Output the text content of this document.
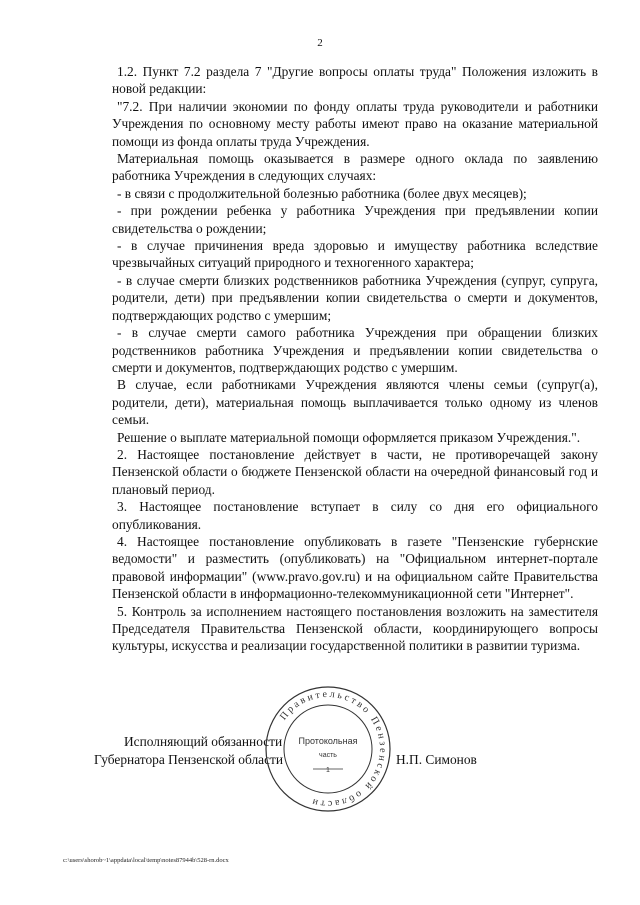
2

1.2. Пункт 7.2 раздела 7 "Другие вопросы оплаты труда" Положения изложить в новой редакции:

"7.2. При наличии экономии по фонду оплаты труда руководители и работники Учреждения по основному месту работы имеют право на оказание материальной помощи из фонда оплаты труда Учреждения.

Материальная помощь оказывается в размере одного оклада по заявлению работника Учреждения в следующих случаях:

- в связи с продолжительной болезнью работника (более двух месяцев);

- при рождении ребенка у работника Учреждения при предъявлении копии свидетельства о рождении;

- в случае причинения вреда здоровью и имуществу работника вследствие чрезвычайных ситуаций природного и техногенного характера;

- в случае смерти близких родственников работника Учреждения (супруг, супруга, родители, дети) при предъявлении копии свидетельства о смерти и документов, подтверждающих родство с умершим;

- в случае смерти самого работника Учреждения при обращении близких родственников работника Учреждения и предъявлении копии свидетельства о смерти и документов, подтверждающих родство с умершим.

В случае, если работниками Учреждения являются члены семьи (супруг(а), родители, дети), материальная помощь выплачивается только одному из членов семьи.

Решение о выплате материальной помощи оформляется приказом Учреждения.".

2. Настоящее постановление действует в части, не противоречащей закону Пензенской области о бюджете Пензенской области на очередной финансовый год и плановый период.

3. Настоящее постановление вступает в силу со дня его официального опубликования.

4. Настоящее постановление опубликовать в газете "Пензенские губернские ведомости" и разместить (опубликовать) на "Официальном интернет-портале правовой информации" (www.pravo.gov.ru) и на официальном сайте Правительства Пензенской области в информационно-телекоммуникационной сети "Интернет".

5. Контроль за исполнением настоящего постановления возложить на заместителя Председателя Правительства Пензенской области, координирующего вопросы культуры, искусства и реализации государственной политики в развитии туризма.

Исполняющий обязанности
Губернатора Пензенской области	Н.П. Симонов
Правительство Пензенской области
Протокольная
часть
1
c:\users\shorob~1\appdata\local\temp\notes87944b\528-rn.docx
